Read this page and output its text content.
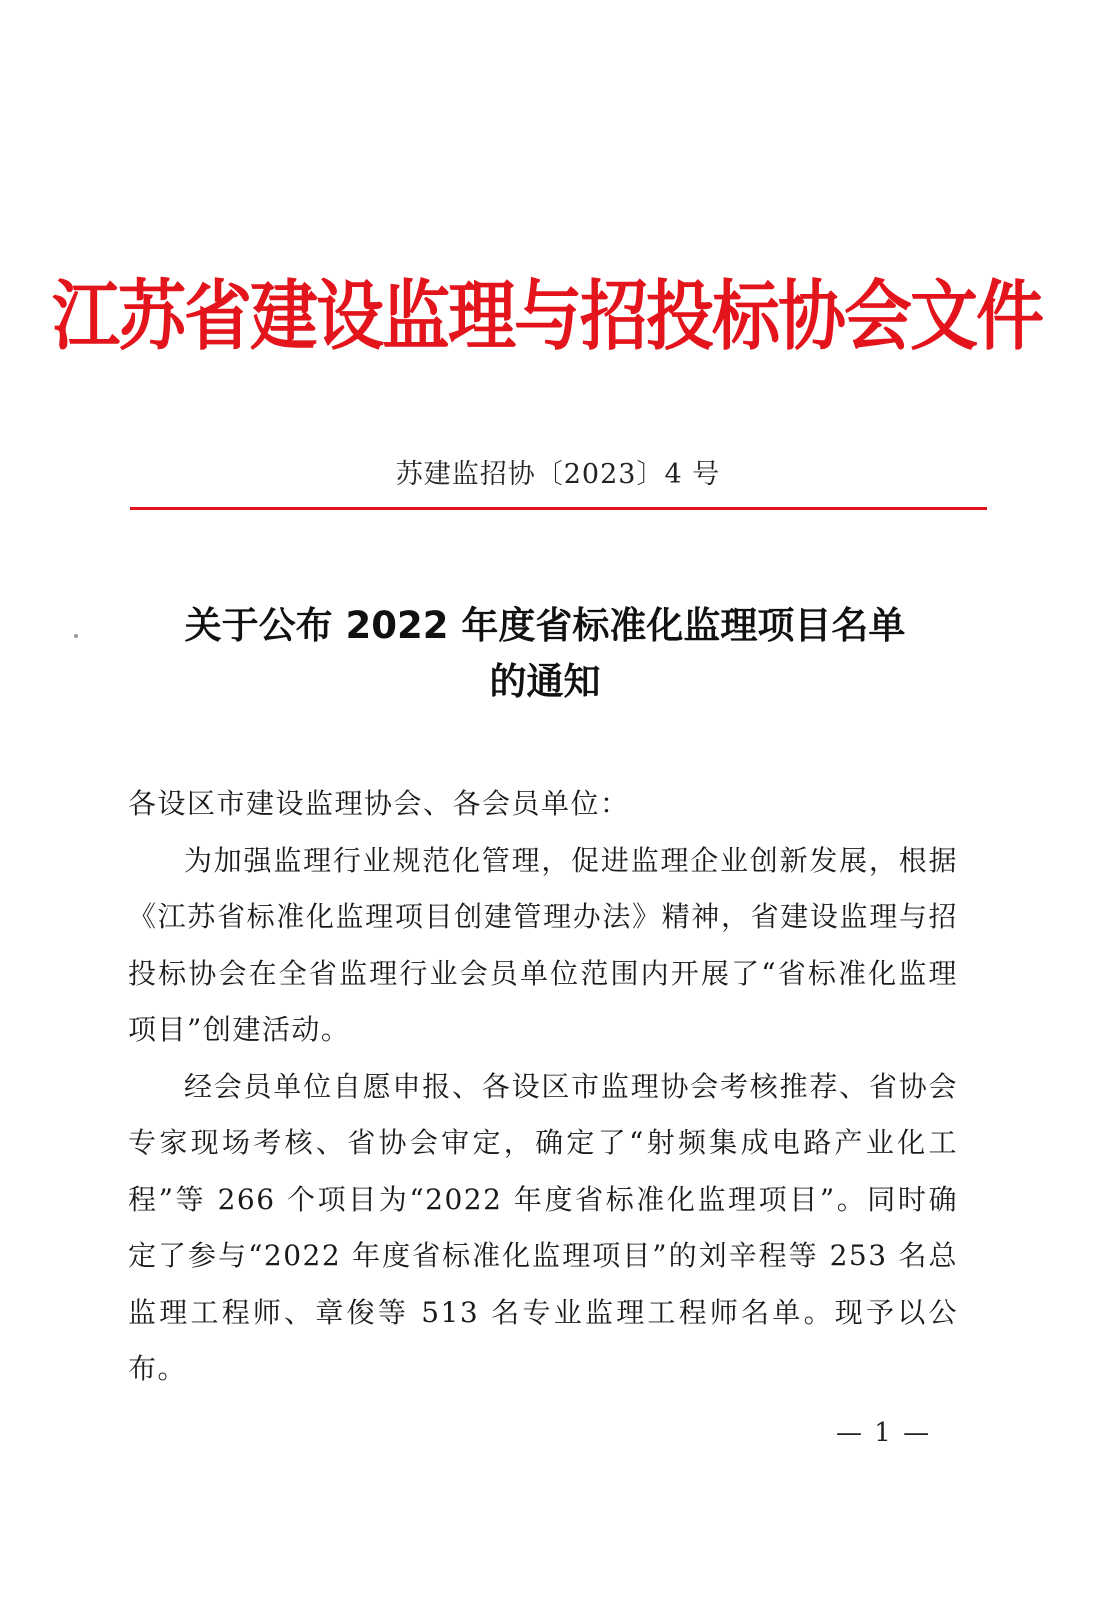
江苏省建设监理与招投标协会文件
苏建监招协〔2023〕4 号
关于公布 2022 年度省标准化监理项目名单
的通知

各设区市建设监理协会、各会员单位：

为加强监理行业规范化管理，促进监理企业创新发展，根据《江苏省标准化监理项目创建管理办法》精神，省建设监理与招投标协会在全省监理行业会员单位范围内开展了“省标准化监理项目”创建活动。

经会员单位自愿申报、各设区市监理协会考核推荐、省协会专家现场考核、省协会审定，确定了“射频集成电路产业化工程”等 266 个项目为“2022 年度省标准化监理项目”。同时确定了参与“2022 年度省标准化监理项目”的刘辛程等 253 名总监理工程师、章俊等 513 名专业监理工程师名单。现予以公布。

— 1 —
